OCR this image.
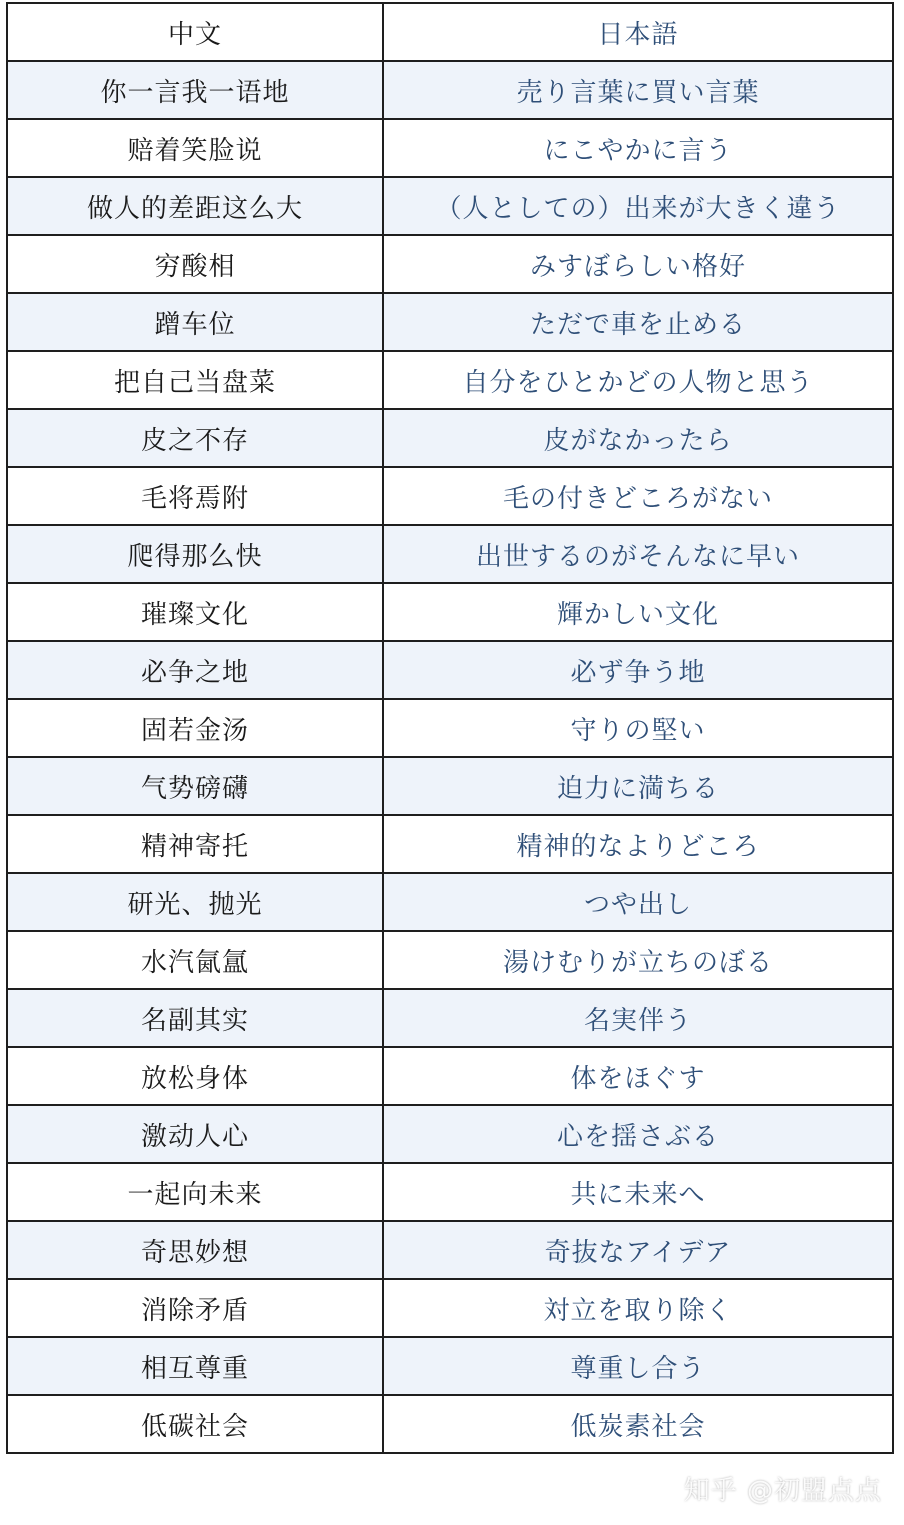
中文	日本語
你一言我一语地	売り言葉に買い言葉
赔着笑脸说	にこやかに言う
做人的差距这么大	（人としての）出来が大きく違う
穷酸相	みすぼらしい格好
蹭车位	ただで車を止める
把自己当盘菜	自分をひとかどの人物と思う
皮之不存	皮がなかったら
毛将焉附	毛の付きどころがない
爬得那么快	出世するのがそんなに早い
璀璨文化	輝かしい文化
必争之地	必ず争う地
固若金汤	守りの堅い
气势磅礴	迫力に満ちる
精神寄托	精神的なよりどころ
研光、抛光	つや出し
水汽氤氲	湯けむりが立ちのぼる
名副其实	名実伴う
放松身体	体をほぐす
激动人心	心を揺さぶる
一起向未来	共に未来へ
奇思妙想	奇抜なアイデア
消除矛盾	対立を取り除く
相互尊重	尊重し合う
低碳社会	低炭素社会
知乎 @初盟点点
